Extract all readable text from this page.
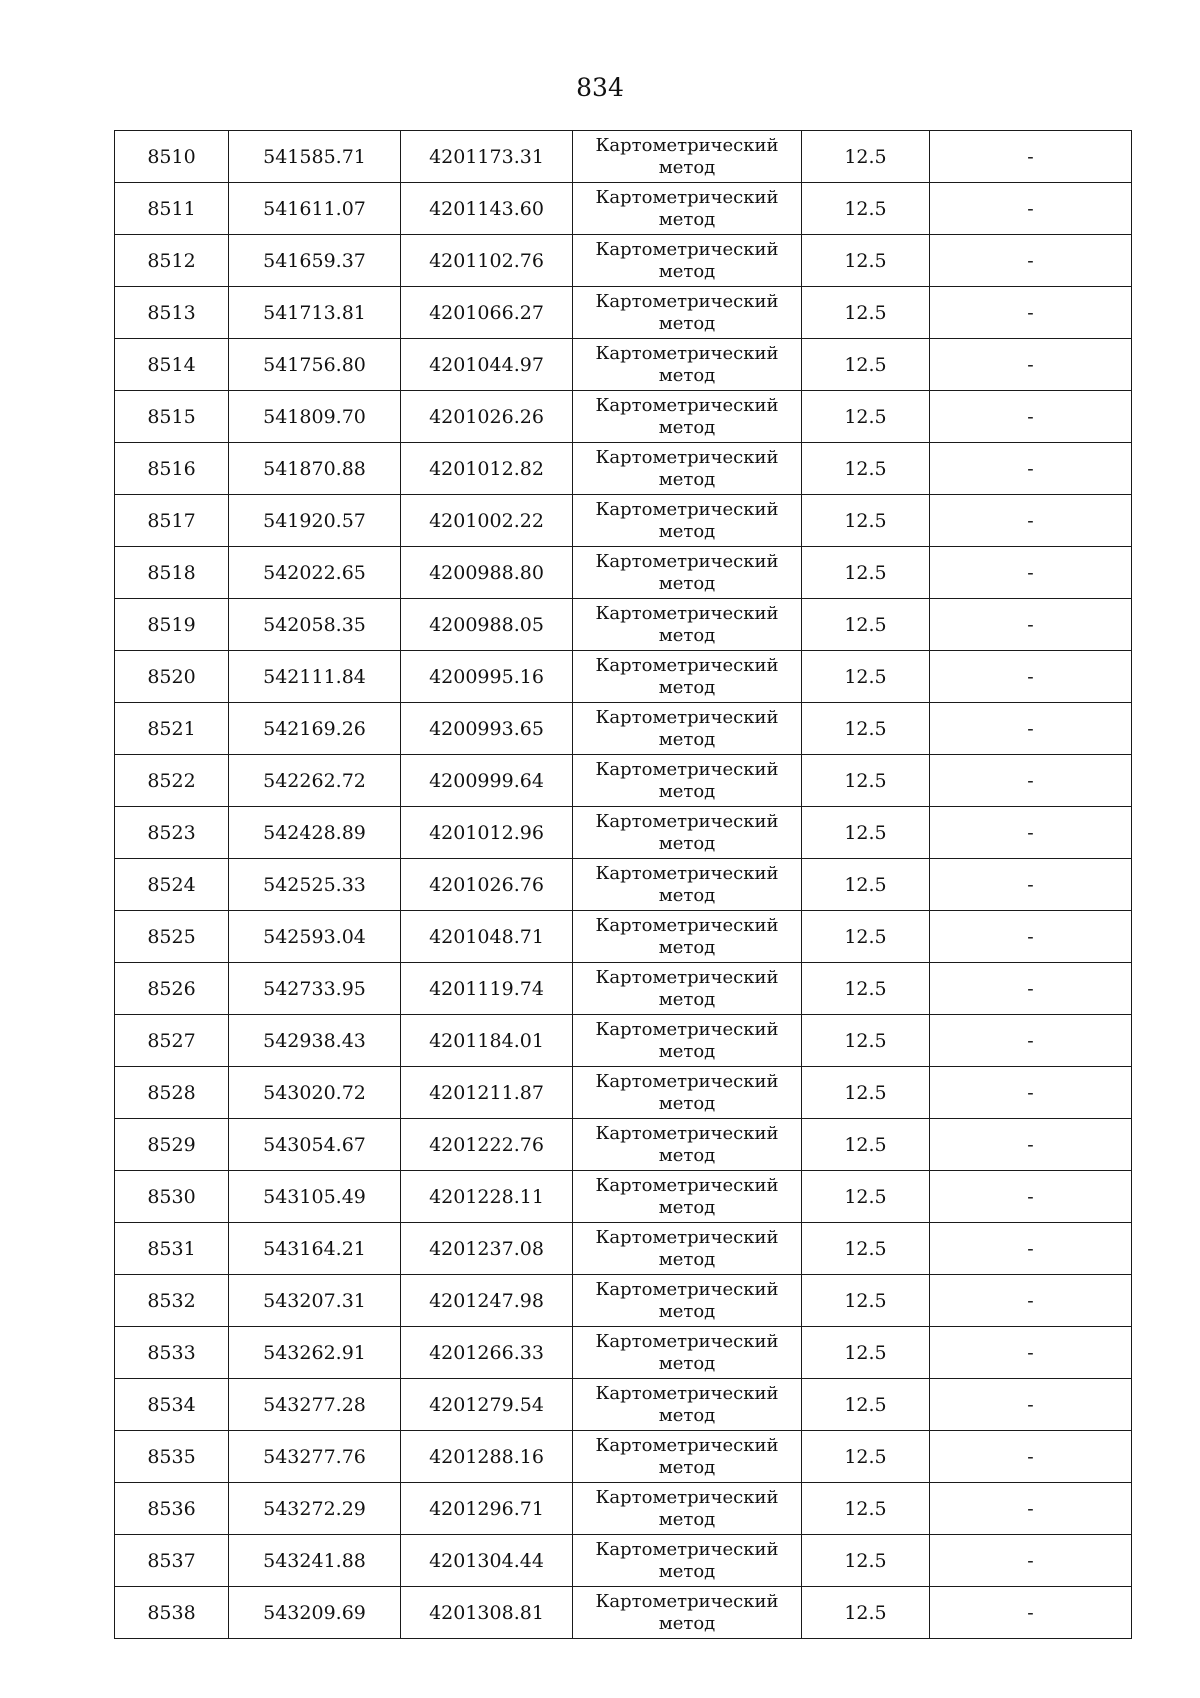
834
8510	541585.71	4201173.31	Картометрический
метод	12.5	-
8511	541611.07	4201143.60	Картометрический
метод	12.5	-
8512	541659.37	4201102.76	Картометрический
метод	12.5	-
8513	541713.81	4201066.27	Картометрический
метод	12.5	-
8514	541756.80	4201044.97	Картометрический
метод	12.5	-
8515	541809.70	4201026.26	Картометрический
метод	12.5	-
8516	541870.88	4201012.82	Картометрический
метод	12.5	-
8517	541920.57	4201002.22	Картометрический
метод	12.5	-
8518	542022.65	4200988.80	Картометрический
метод	12.5	-
8519	542058.35	4200988.05	Картометрический
метод	12.5	-
8520	542111.84	4200995.16	Картометрический
метод	12.5	-
8521	542169.26	4200993.65	Картометрический
метод	12.5	-
8522	542262.72	4200999.64	Картометрический
метод	12.5	-
8523	542428.89	4201012.96	Картометрический
метод	12.5	-
8524	542525.33	4201026.76	Картометрический
метод	12.5	-
8525	542593.04	4201048.71	Картометрический
метод	12.5	-
8526	542733.95	4201119.74	Картометрический
метод	12.5	-
8527	542938.43	4201184.01	Картометрический
метод	12.5	-
8528	543020.72	4201211.87	Картометрический
метод	12.5	-
8529	543054.67	4201222.76	Картометрический
метод	12.5	-
8530	543105.49	4201228.11	Картометрический
метод	12.5	-
8531	543164.21	4201237.08	Картометрический
метод	12.5	-
8532	543207.31	4201247.98	Картометрический
метод	12.5	-
8533	543262.91	4201266.33	Картометрический
метод	12.5	-
8534	543277.28	4201279.54	Картометрический
метод	12.5	-
8535	543277.76	4201288.16	Картометрический
метод	12.5	-
8536	543272.29	4201296.71	Картометрический
метод	12.5	-
8537	543241.88	4201304.44	Картометрический
метод	12.5	-
8538	543209.69	4201308.81	Картометрический
метод	12.5	-
